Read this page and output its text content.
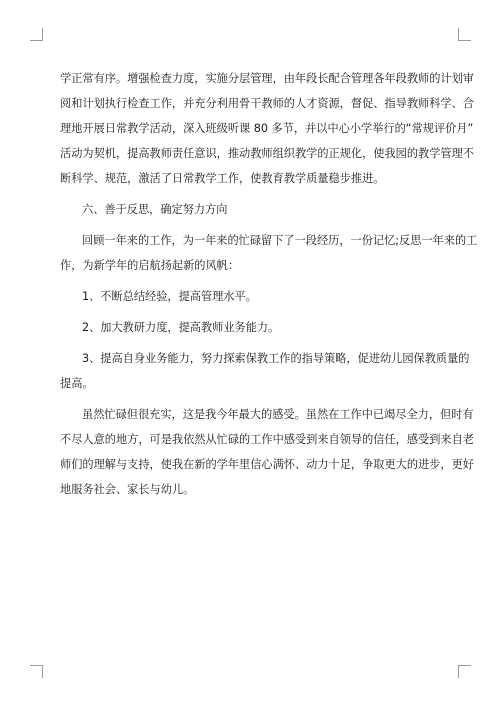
学正常有序。增强检查力度，实施分层管理，由年段长配合管理各年段教师的计划审
阅和计划执行检查工作，并充分利用骨干教师的人才资源，督促、指导教师科学、合
理地开展日常教学活动，深入班级听课 80 多节，并以中心小学举行的“常规评价月”
活动为契机，提高教师责任意识，推动教师组织教学的正规化，使我园的教学管理不
断科学、规范，激活了日常教学工作，使教育教学质量稳步推进。

六、善于反思，确定努力方向

回顾一年来的工作，为一年来的忙碌留下了一段经历，一份记忆;反思一年来的工
作，为新学年的启航扬起新的风帆：

1、不断总结经验，提高管理水平。

2、加大教研力度，提高教师业务能力。

3、提高自身业务能力，努力探索保教工作的指导策略，促进幼儿园保教质量的
提高。

虽然忙碌但很充实，这是我今年最大的感受。虽然在工作中已竭尽全力，但时有
不尽人意的地方，可是我依然从忙碌的工作中感受到来自领导的信任，感受到来自老
师们的理解与支持，使我在新的学年里信心满怀、动力十足，争取更大的进步，更好
地服务社会、家长与幼儿。
